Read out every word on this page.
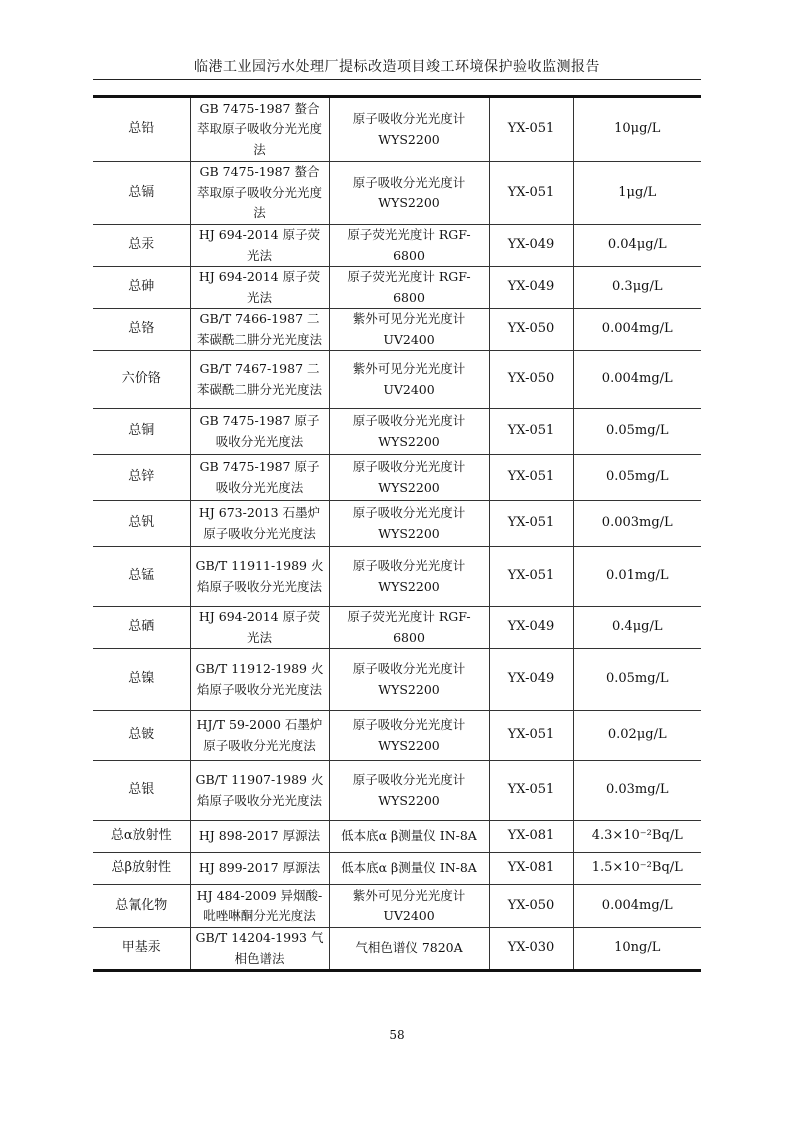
临港工业园污水处理厂提标改造项目竣工环境保护验收监测报告
总铅	GB 7475-1987 螯合萃取原子吸收分光光度法	原子吸收分光光度计 WYS2200	YX-051	10μg/L
总镉	GB 7475-1987 螯合萃取原子吸收分光光度法	原子吸收分光光度计 WYS2200	YX-051	1μg/L
总汞	HJ 694-2014 原子荧光法	原子荧光光度计 RGF-6800	YX-049	0.04μg/L
总砷	HJ 694-2014 原子荧光法	原子荧光光度计 RGF-6800	YX-049	0.3μg/L
总铬	GB/T 7466-1987 二苯碳酰二肼分光光度法	紫外可见分光光度计 UV2400	YX-050	0.004mg/L
六价铬	GB/T 7467-1987 二苯碳酰二肼分光光度法	紫外可见分光光度计 UV2400	YX-050	0.004mg/L
总铜	GB 7475-1987 原子吸收分光光度法	原子吸收分光光度计 WYS2200	YX-051	0.05mg/L
总锌	GB 7475-1987 原子吸收分光光度法	原子吸收分光光度计 WYS2200	YX-051	0.05mg/L
总钒	HJ 673-2013 石墨炉原子吸收分光光度法	原子吸收分光光度计 WYS2200	YX-051	0.003mg/L
总锰	GB/T 11911-1989 火焰原子吸收分光光度法	原子吸收分光光度计 WYS2200	YX-051	0.01mg/L
总硒	HJ 694-2014 原子荧光法	原子荧光光度计 RGF-6800	YX-049	0.4μg/L
总镍	GB/T 11912-1989 火焰原子吸收分光光度法	原子吸收分光光度计 WYS2200	YX-049	0.05mg/L
总铍	HJ/T 59-2000 石墨炉原子吸收分光光度法	原子吸收分光光度计 WYS2200	YX-051	0.02μg/L
总银	GB/T 11907-1989 火焰原子吸收分光光度法	原子吸收分光光度计 WYS2200	YX-051	0.03mg/L
总α放射性	HJ 898-2017 厚源法	低本底α β测量仪 IN-8A	YX-081	4.3×10⁻²Bq/L
总β放射性	HJ 899-2017 厚源法	低本底α β测量仪 IN-8A	YX-081	1.5×10⁻²Bq/L
总氰化物	HJ 484-2009 异烟酸-吡唑啉酮分光光度法	紫外可见分光光度计 UV2400	YX-050	0.004mg/L
甲基汞	GB/T 14204-1993 气相色谱法	气相色谱仪 7820A	YX-030	10ng/L
58
